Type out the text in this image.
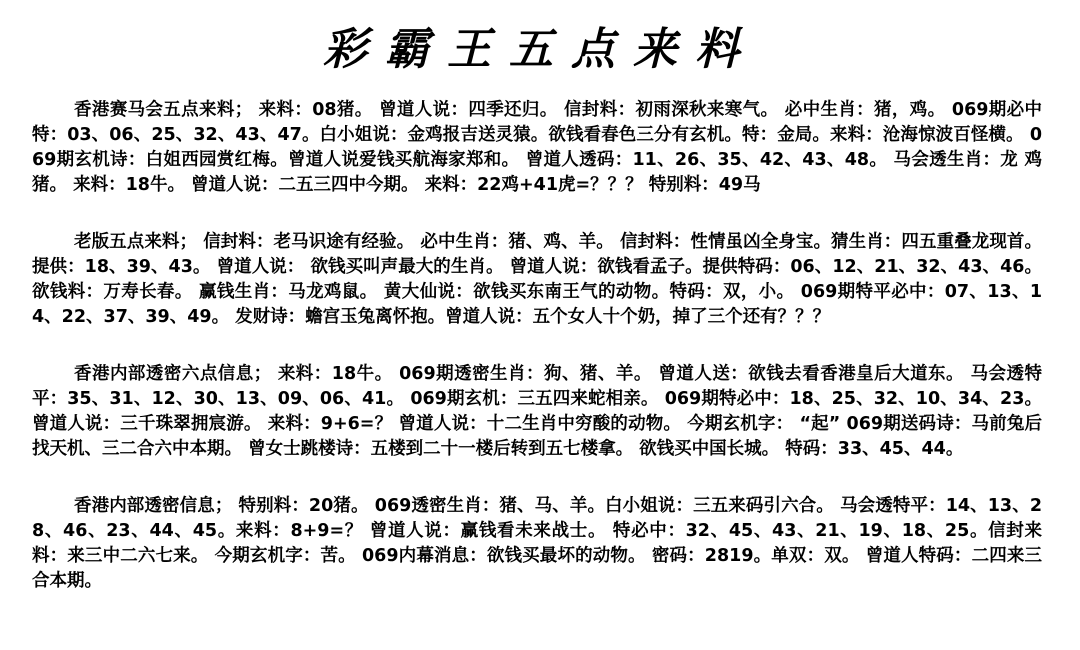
彩霸王五点来料

香港赛马会五点来料； 来料：08猪。 曾道人说：四季还归。 信封料：初雨深秋来寒气。 必中生肖：猪，鸡。 069期必中特：03、06、25、32、43、47。白小姐说：金鸡报吉送灵猿。欲钱看春色三分有玄机。特：金局。来料：沧海惊波百怪横。 069期玄机诗：白姐西园赏红梅。曾道人说爱钱买航海家郑和。 曾道人透码：11、26、35、42、43、48。 马会透生肖：龙 鸡 猪。 来料：18牛。 曾道人说：二五三四中今期。 来料：22鸡+41虎=？？？ 特别料：49马

老版五点来料； 信封料：老马识途有经验。 必中生肖：猪、鸡、羊。 信封料：性情虽凶全身宝。猜生肖：四五重叠龙现首。 提供：18、39、43。 曾道人说： 欲钱买叫声最大的生肖。 曾道人说：欲钱看孟子。提供特码：06、12、21、32、43、46。 欲钱料：万寿长春。 赢钱生肖：马龙鸡鼠。 黄大仙说：欲钱买东南王气的动物。特码：双，小。 069期特平必中：07、13、14、22、37、39、49。 发财诗：蟾宫玉兔离怀抱。曾道人说：五个女人十个奶，掉了三个还有？？？

香港内部透密六点信息； 来料：18牛。 069期透密生肖：狗、猪、羊。 曾道人送：欲钱去看香港皇后大道东。 马会透特平：35、31、12、30、13、09、06、41。 069期玄机：三五四来蛇相亲。 069期特必中：18、25、32、10、34、23。 曾道人说：三千珠翠拥宸游。 来料：9+6=？ 曾道人说：十二生肖中穷酸的动物。 今期玄机字： “起” 069期送码诗：马前兔后找天机、三二合六中本期。 曾女士跳楼诗：五楼到二十一楼后转到五七楼拿。 欲钱买中国长城。 特码：33、45、44。

香港内部透密信息； 特别料：20猪。 069透密生肖：猪、马、羊。白小姐说：三五来码引六合。 马会透特平：14、13、28、46、23、44、45。来料：8+9=？ 曾道人说：赢钱看未来战士。 特必中：32、45、43、21、19、18、25。信封来料：来三中二六七来。 今期玄机字：苦。 069内幕消息：欲钱买最坏的动物。 密码：2819。单双：双。 曾道人特码：二四来三合本期。
